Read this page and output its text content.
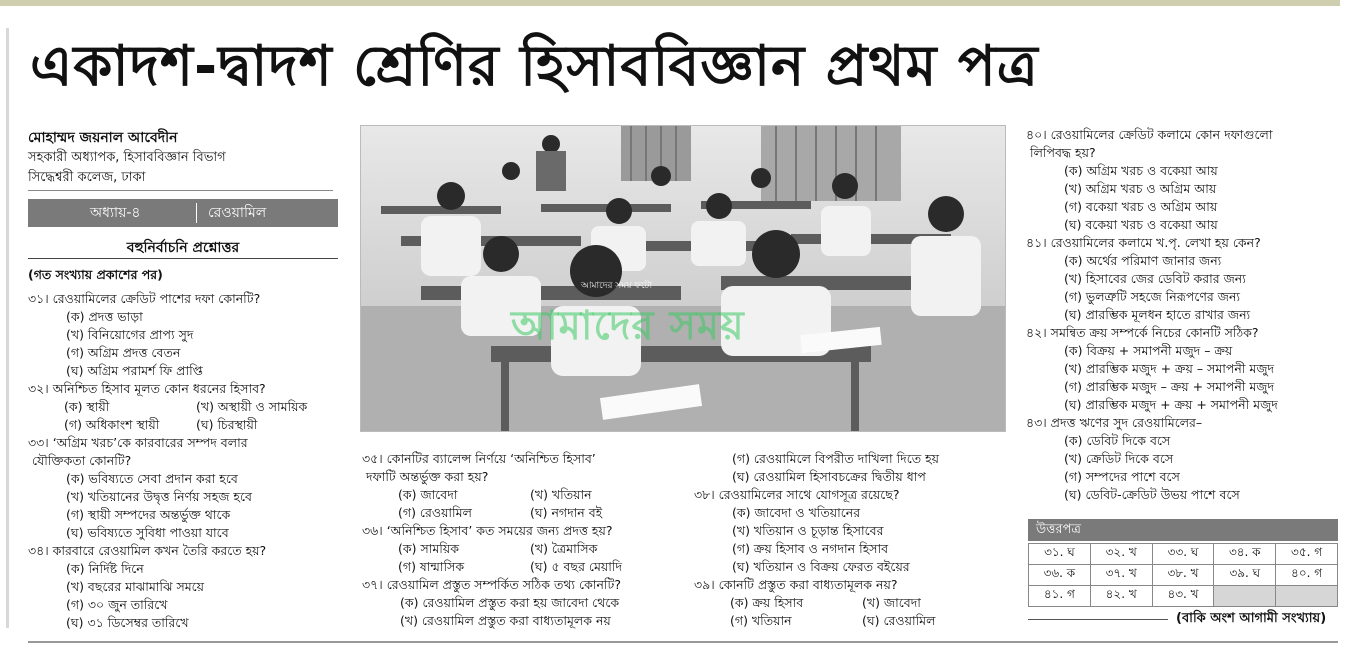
একাদশ-দ্বাদশ শ্রেণির হিসাববিজ্ঞান প্রথম পত্র
মোহাম্মদ জয়নাল আবেদীন
সহকারী অধ্যাপক, হিসাববিজ্ঞান বিভাগ
সিদ্ধেশ্বরী কলেজ, ঢাকা
অধ্যায়-৪	রেওয়ামিল
বহুনির্বাচনি প্রশ্নোত্তর
(গত সংখ্যায় প্রকাশের পর)
৩১। রেওয়ামিলের ক্রেডিট পাশের দফা কোনটি?
(ক) প্রদত্ত ভাড়া
(খ) বিনিয়োগের প্রাপ্য সুদ
(গ) অগ্রিম প্রদত্ত বেতন
(ঘ) অগ্রিম পরামর্শ ফি প্রাপ্তি
৩২। অনিশ্চিত হিসাব মূলত কোন ধরনের হিসাব?
(ক) স্থায়ী	(খ) অস্থায়ী ও সাময়িক
(গ) অধিকাংশ স্থায়ী	(ঘ) চিরস্থায়ী
৩৩। ‘অগ্রিম খরচ’কে কারবারের সম্পদ বলার
যৌক্তিকতা কোনটি?
(ক) ভবিষ্যতে সেবা প্রদান করা হবে
(খ) খতিয়ানের উদ্বৃত্ত নির্ণয় সহজ হবে
(গ) স্থায়ী সম্পদের অন্তর্ভুক্ত থাকে
(ঘ) ভবিষ্যতে সুবিধা পাওয়া যাবে
৩৪। কারবারে রেওয়ামিল কখন তৈরি করতে হয়?
(ক) নির্দিষ্ট দিনে
(খ) বছরের মাঝামাঝি সময়ে
(গ) ৩০ জুন তারিখে
(ঘ) ৩১ ডিসেম্বর তারিখে
আমাদের সময় ফটো
আমাদের সময়
৩৫। কোনটির ব্যালেন্স নির্ণয়ে ‘অনিশ্চিত হিসাব’
দফাটি অন্তর্ভুক্ত করা হয়?
(ক) জাবেদা	(খ) খতিয়ান
(গ) রেওয়ামিল	(ঘ) নগদান বই
৩৬। ‘অনিশ্চিত হিসাব’ কত সময়ের জন্য প্রদত্ত হয়?
(ক) সাময়িক	(খ) ত্রৈমাসিক
(গ) ষান্মাসিক	(ঘ) ৫ বছর মেয়াদি
৩৭। রেওয়ামিল প্রস্তুত সম্পর্কিত সঠিক তথ্য কোনটি?
(ক) রেওয়ামিল প্রস্তুত করা হয় জাবেদা থেকে
(খ) রেওয়ামিল প্রস্তুত করা বাধ্যতামূলক নয়
(গ) রেওয়ামিলে বিপরীত দাখিলা দিতে হয়
(ঘ) রেওয়ামিল হিসাবচক্রের দ্বিতীয় ধাপ
৩৮। রেওয়ামিলের সাথে যোগসূত্র রয়েছে?
(ক) জাবেদা ও খতিয়ানের
(খ) খতিয়ান ও চূড়ান্ত হিসাবের
(গ) ক্রয় হিসাব ও নগদান হিসাব
(ঘ) খতিয়ান ও বিক্রয় ফেরত বইয়ের
৩৯। কোনটি প্রস্তুত করা বাধ্যতামূলক নয়?
(ক) ক্রয় হিসাব	(খ) জাবেদা
(গ) খতিয়ান	(ঘ) রেওয়ামিল
৪০। রেওয়ামিলের ক্রেডিট কলামে কোন দফাগুলো
লিপিবদ্ধ হয়?
(ক) অগ্রিম খরচ ও বকেয়া আয়
(খ) অগ্রিম খরচ ও অগ্রিম আয়
(গ) বকেয়া খরচ ও অগ্রিম আয়
(ঘ) বকেয়া খরচ ও বকেয়া আয়
৪১। রেওয়ামিলের কলামে খ.পৃ. লেখা হয় কেন?
(ক) অর্থের পরিমাণ জানার জন্য
(খ) হিসাবের জের ডেবিট করার জন্য
(গ) ভুলত্রুটি সহজে নিরূপণের জন্য
(ঘ) প্রারম্ভিক মূলধন হাতে রাখার জন্য
৪২। সমন্বিত ক্রয় সম্পর্কে নিচের কোনটি সঠিক?
(ক) বিক্রয় + সমাপনী মজুদ – ক্রয়
(খ) প্রারম্ভিক মজুদ + ক্রয় – সমাপনী মজুদ
(গ) প্রারম্ভিক মজুদ – ক্রয় + সমাপনী মজুদ
(ঘ) প্রারম্ভিক মজুদ + ক্রয় + সমাপনী মজুদ
৪৩। প্রদত্ত ঋণের সুদ রেওয়ামিলের–
(ক) ডেবিট দিকে বসে
(খ) ক্রেডিট দিকে বসে
(গ) সম্পদের পাশে বসে
(ঘ) ডেবিট-ক্রেডিট উভয় পাশে বসে
উত্তরপত্র
৩১. ঘ	৩২. খ	৩৩. ঘ	৩৪. ক	৩৫. গ
৩৬. ক	৩৭. খ	৩৮. খ	৩৯. ঘ	৪০. গ
৪১. গ	৪২. খ	৪৩. খ		
(বাকি অংশ আগামী সংখ্যায়)
